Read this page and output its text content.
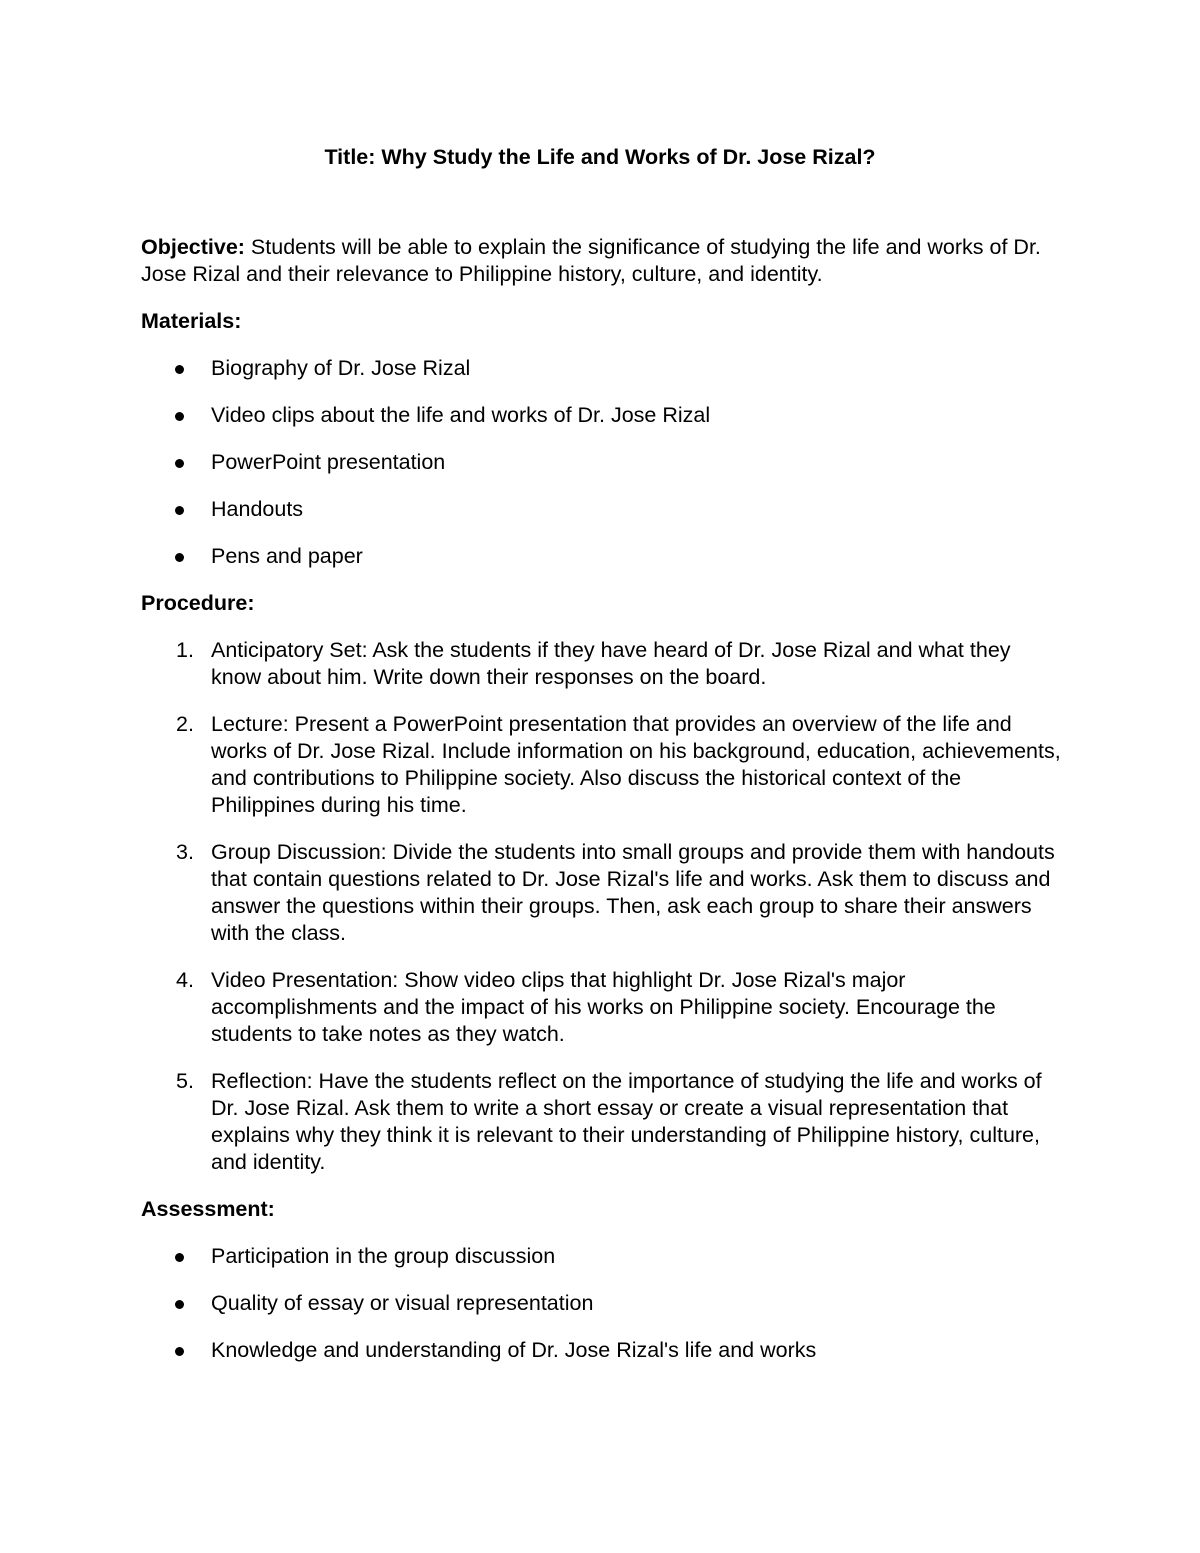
Title: Why Study the Life and Works of Dr. Jose Rizal?

Objective: Students will be able to explain the significance of studying the life and works of Dr. Jose Rizal and their relevance to Philippine history, culture, and identity.

Materials:
Biography of Dr. Jose Rizal
Video clips about the life and works of Dr. Jose Rizal
PowerPoint presentation
Handouts
Pens and paper
Procedure:
1. Anticipatory Set: Ask the students if they have heard of Dr. Jose Rizal and what they know about him. Write down their responses on the board.
2. Lecture: Present a PowerPoint presentation that provides an overview of the life and works of Dr. Jose Rizal. Include information on his background, education, achievements, and contributions to Philippine society. Also discuss the historical context of the Philippines during his time.
3. Group Discussion: Divide the students into small groups and provide them with handouts that contain questions related to Dr. Jose Rizal's life and works. Ask them to discuss and answer the questions within their groups. Then, ask each group to share their answers with the class.
4. Video Presentation: Show video clips that highlight Dr. Jose Rizal's major accomplishments and the impact of his works on Philippine society. Encourage the students to take notes as they watch.
5. Reflection: Have the students reflect on the importance of studying the life and works of Dr. Jose Rizal. Ask them to write a short essay or create a visual representation that explains why they think it is relevant to their understanding of Philippine history, culture, and identity.
Assessment:
Participation in the group discussion
Quality of essay or visual representation
Knowledge and understanding of Dr. Jose Rizal's life and works
